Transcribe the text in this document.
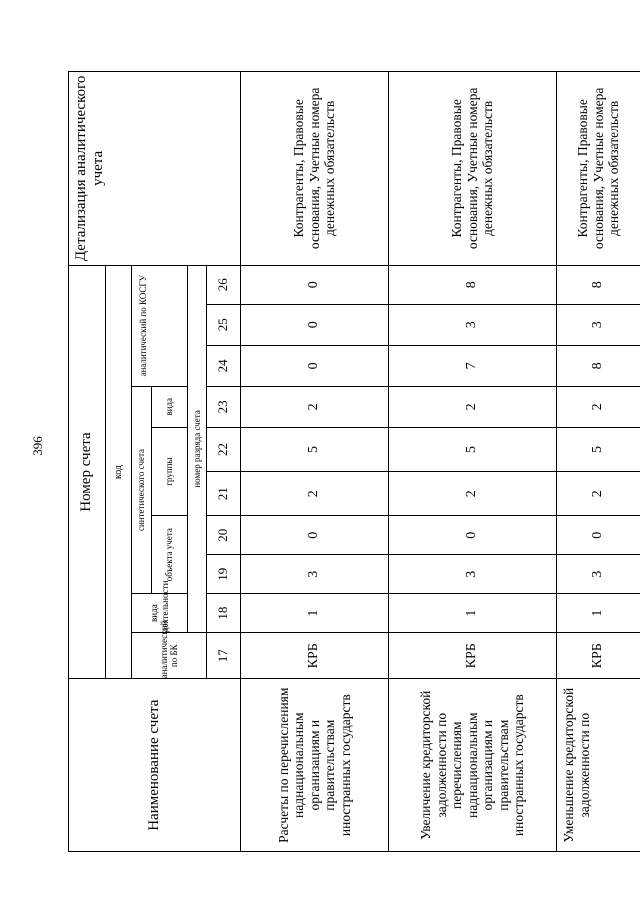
396
Наименование счета	Номер счета										Детализация аналитического учета
	код										
	аналитический по БК	вида деятельности	синтетического счета					аналитический по КОСГУ			
			объекта учета		группы		вида				
		номер разряда счета									
	17	18	19	20	21	22	23	24	25	26	
Расчеты по перечислениям наднациональным организациям и правительствам иностранных государств	КРБ	1	3	0	2	5	2	0	0	0	Контрагенты, Правовые основания, Учетные номера денежных обязательств
Увеличение кредиторской задолженности по перечислениям наднациональным организациям и правительствам иностранных государств	КРБ	1	3	0	2	5	2	7	3	8	Контрагенты, Правовые основания, Учетные номера денежных обязательств
Уменьшение кредиторской задолженности по	КРБ	1	3	0	2	5	2	8	3	8	Контрагенты, Правовые основания, Учетные номера денежных обязательств
